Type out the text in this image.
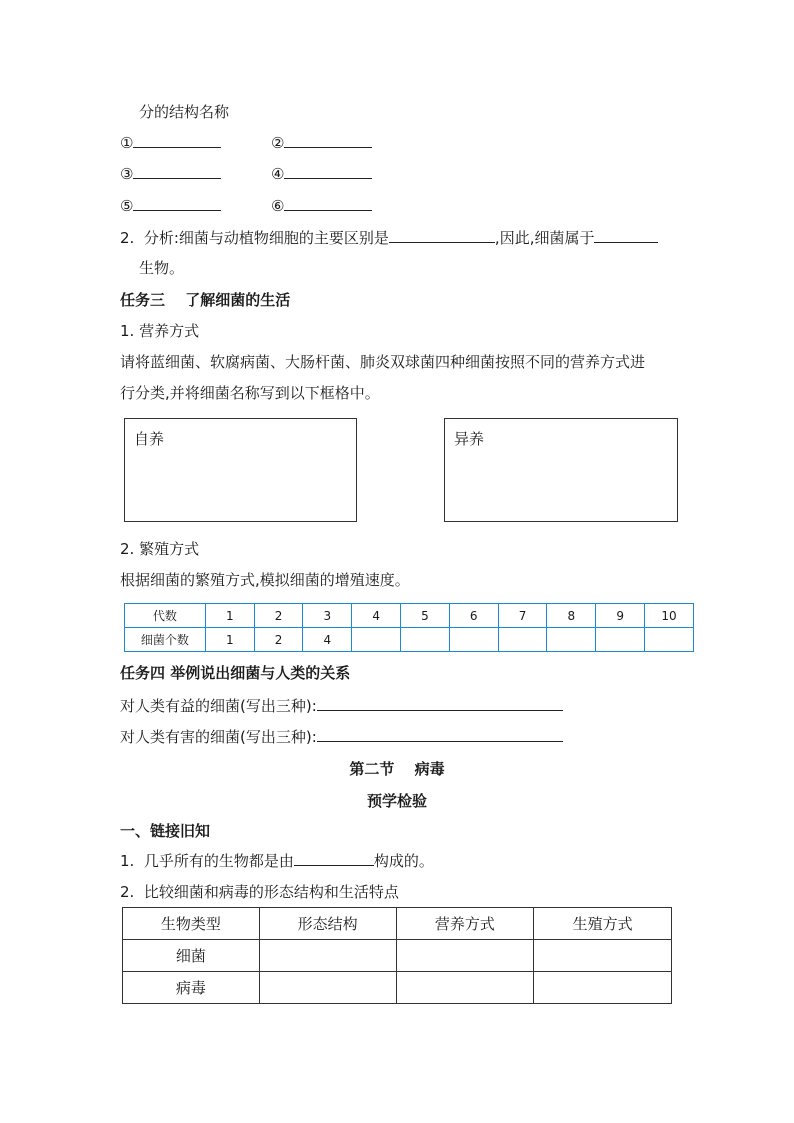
分的结构名称
①	②
③	④
⑤	⑥
2. 分析:细菌与动植物细胞的主要区别是	,因此,细菌属于
生物。
任务三　 了解细菌的生活
1. 营养方式
请将蓝细菌、软腐病菌、大肠杆菌、肺炎双球菌四种细菌按照不同的营养方式进
行分类,并将细菌名称写到以下框格中。
自养	异养
2. 繁殖方式
根据细菌的繁殖方式,模拟细菌的增殖速度。
代数	1	2	3	4	5	6	7	8	9	10
细菌个数	1	2	4							
任务四 举例说出细菌与人类的关系
对人类有益的细菌(写出三种):
对人类有害的细菌(写出三种):
第二节　 病毒
预学检验
一、链接旧知
1. 几乎所有的生物都是由	构成的。
2. 比较细菌和病毒的形态结构和生活特点
生物类型	形态结构	营养方式	生殖方式
细菌			
病毒			
